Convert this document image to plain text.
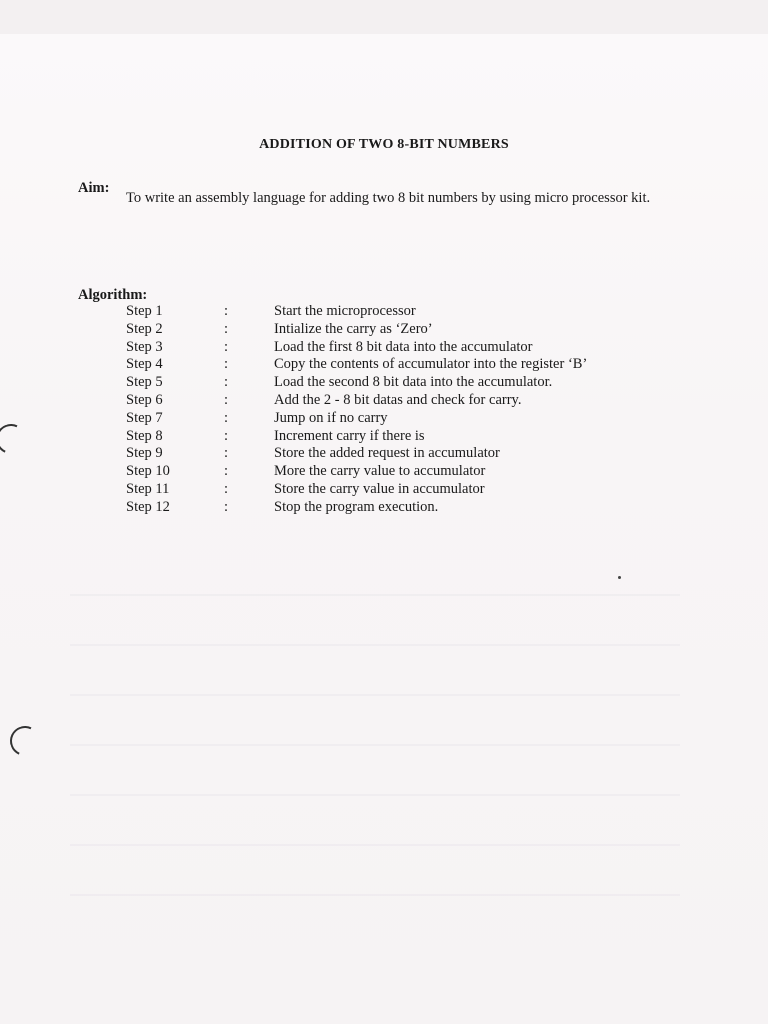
ADDITION OF TWO 8-BIT NUMBERS
Aim:
To write an assembly language for adding two 8 bit numbers by using micro processor kit.
Algorithm:
Step 1	:	Start the microprocessor
Step 2	:	Intialize the carry as ‘Zero’
Step 3	:	Load the first 8 bit data into the accumulator
Step 4	:	Copy the contents of accumulator into the register ‘B’
Step 5	:	Load the second 8 bit data into the accumulator.
Step 6	:	Add the 2 - 8 bit datas and check for carry.
Step 7	:	Jump on if no carry
Step 8	:	Increment carry if there is
Step 9	:	Store the added request in accumulator
Step 10	:	More the carry value to accumulator
Step 11	:	Store the carry value in accumulator
Step 12	:	Stop the program execution.
